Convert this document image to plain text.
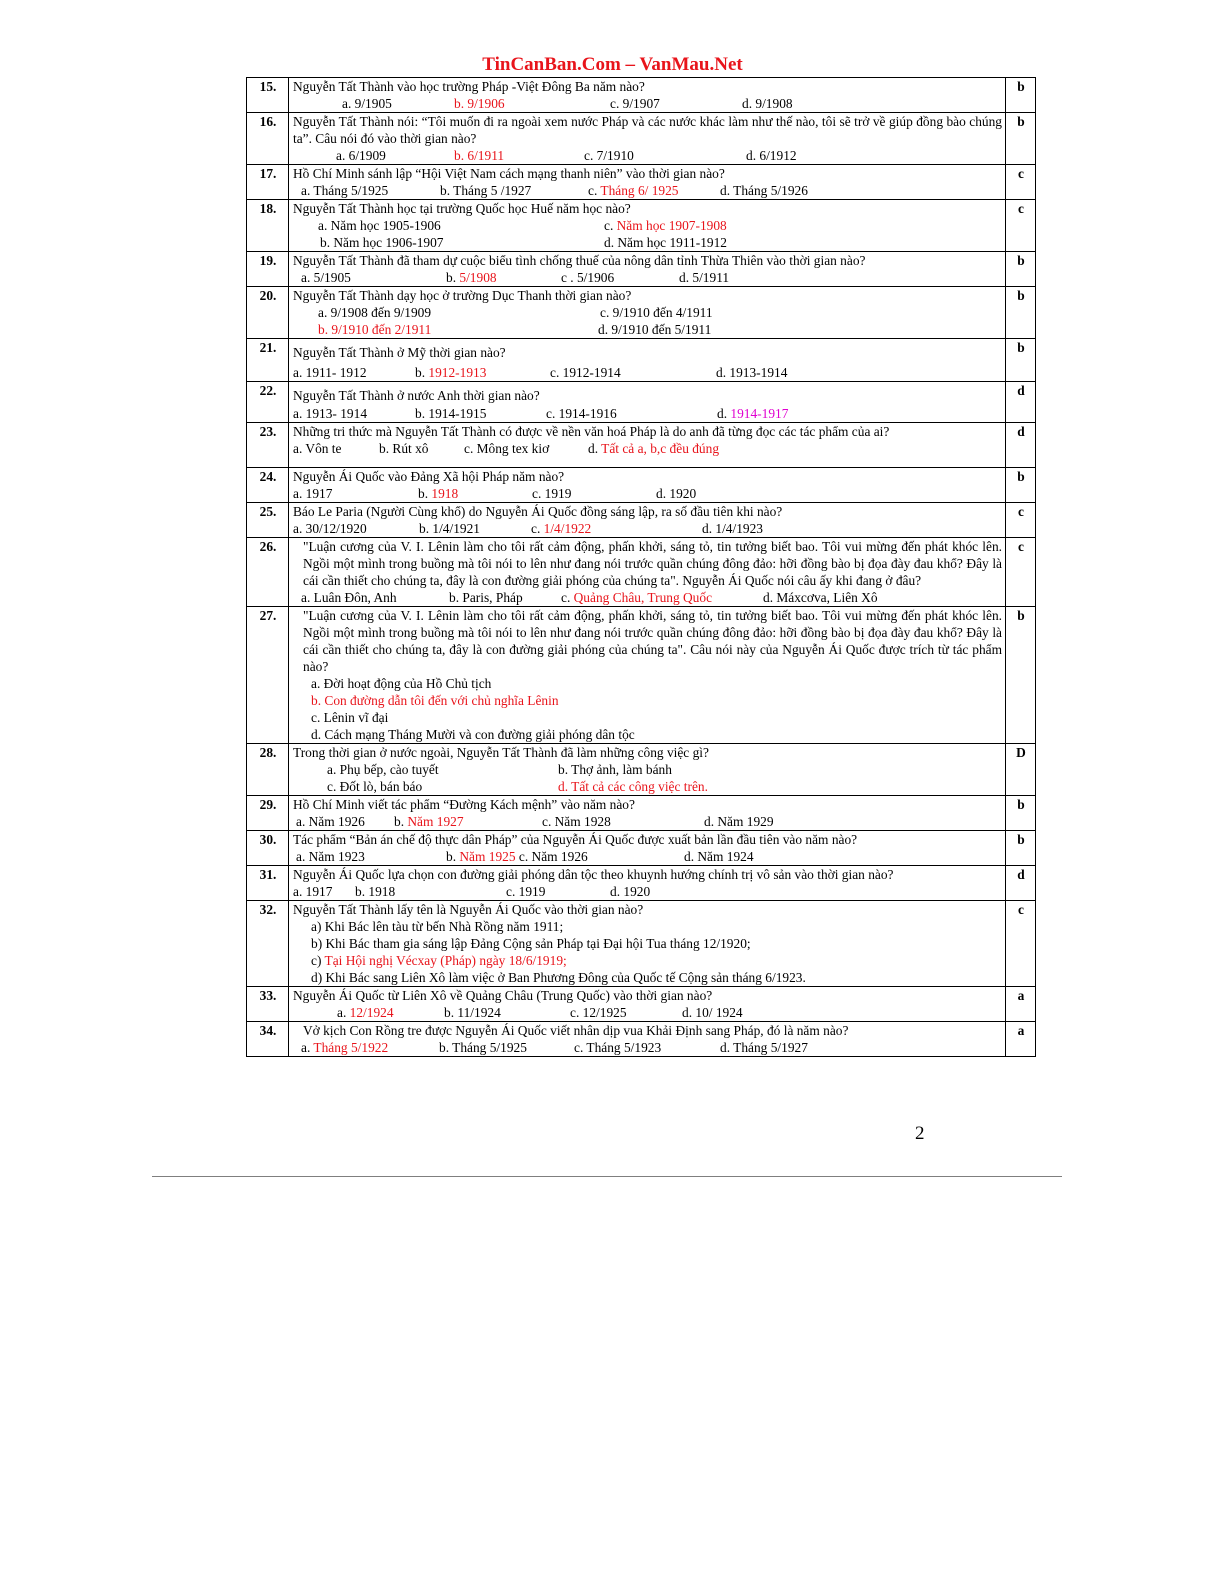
TinCanBan.Com – VanMau.Net
15.	Nguyễn Tất Thành vào học trường Pháp -Việt Đông Ba năm nào?
a. 9/1905 b. 9/1906 c. 9/1907 d. 9/1908	b
16.	Nguyễn Tất Thành nói: “Tôi muốn đi ra ngoài xem nước Pháp và các nước khác làm như thế nào, tôi sẽ trở về giúp đồng bào chúng ta”. Câu nói đó vào thời gian nào?
a. 6/1909 b. 6/1911 c. 7/1910 d. 6/1912	b
17.	Hồ Chí Minh sánh lập “Hội Việt Nam cách mạng thanh niên” vào thời gian nào?
a. Tháng 5/1925 b. Tháng 5 /1927 c. Tháng 6/ 1925 d. Tháng 5/1926	c
18.	Nguyễn Tất Thành học tại trường Quốc học Huế năm học nào?
a. Năm học 1905-1906 c. Năm học 1907-1908
b. Năm học 1906-1907 d. Năm học 1911-1912	c
19.	Nguyễn Tất Thành đã tham dự cuộc biểu tình chống thuế của nông dân tỉnh Thừa Thiên vào thời gian nào?
a. 5/1905 b. 5/1908 c . 5/1906 d. 5/1911	b
20.	Nguyễn Tất Thành dạy học ở trường Dục Thanh thời gian nào?
a. 9/1908 đến 9/1909 c. 9/1910 đến 4/1911
b. 9/1910 đến 2/1911 d. 9/1910 đến 5/1911	b
21.	Nguyễn Tất Thành ở Mỹ thời gian nào?
a. 1911- 1912 b. 1912-1913 c. 1912-1914 d. 1913-1914	b
22.	Nguyễn Tất Thành ở nước Anh thời gian nào?
a. 1913- 1914 b. 1914-1915 c. 1914-1916 d. 1914-1917	d
23.	Những tri thức mà Nguyễn Tất Thành có được về nền văn hoá Pháp là do anh đã từng đọc các tác phẩm của ai?
a. Vôn te b. Rút xô c. Mông tex kiơ d. Tất cả a, b,c đều đúng	d
24.	Nguyễn Ái Quốc vào Đảng Xã hội Pháp năm nào?
a. 1917 b. 1918 c. 1919 d. 1920	b
25.	Báo Le Paria (Người Cùng khổ) do Nguyễn Ái Quốc đồng sáng lập, ra số đầu tiên khi nào?
a. 30/12/1920 b. 1/4/1921 c. 1/4/1922 d. 1/4/1923	c
26.	"Luận cương của V. I. Lênin làm cho tôi rất cảm động, phấn khởi, sáng tỏ, tin tưởng biết bao. Tôi vui mừng đến phát khóc lên. Ngồi một mình trong buồng mà tôi nói to lên như đang nói trước quần chúng đông đảo: hỡi đồng bào bị đọa đày đau khổ? Đây là cái cần thiết cho chúng ta, đây là con đường giải phóng của chúng ta". Nguyễn Ái Quốc nói câu ấy khi đang ở đâu?
a. Luân Đôn, Anh b. Paris, Pháp c. Quảng Châu, Trung Quốc d. Máxcơva, Liên Xô	c
27.	"Luận cương của V. I. Lênin làm cho tôi rất cảm động, phấn khởi, sáng tỏ, tin tưởng biết bao. Tôi vui mừng đến phát khóc lên. Ngồi một mình trong buồng mà tôi nói to lên như đang nói trước quần chúng đông đảo: hỡi đồng bào bị đọa đày đau khổ? Đây là cái cần thiết cho chúng ta, đây là con đường giải phóng của chúng ta". Câu nói này của Nguyễn Ái Quốc được trích từ tác phẩm nào?
a. Đời hoạt động của Hồ Chủ tịch
b. Con đường dẫn tôi đến với chủ nghĩa Lênin
c. Lênin vĩ đại
d. Cách mạng Tháng Mười và con đường giải phóng dân tộc	b
28.	Trong thời gian ở nước ngoài, Nguyễn Tất Thành đã làm những công việc gì?
a. Phụ bếp, cào tuyết b. Thợ ảnh, làm bánh
c. Đốt lò, bán báo d. Tất cả các công việc trên.	D
29.	Hồ Chí Minh viết tác phẩm “Đường Kách mệnh” vào năm nào?
a. Năm 1926 b. Năm 1927 c. Năm 1928 d. Năm 1929	b
30.	Tác phẩm “Bản án chế độ thực dân Pháp” của Nguyễn Ái Quốc được xuất bản lần đầu tiên vào năm nào?
a. Năm 1923 b. Năm 1925 c. Năm 1926 d. Năm 1924	b
31.	Nguyễn Ái Quốc lựa chọn con đường giải phóng dân tộc theo khuynh hướng chính trị vô sản vào thời gian nào?
a. 1917 b. 1918 c. 1919 d. 1920	d
32.	Nguyễn Tất Thành lấy tên là Nguyễn Ái Quốc vào thời gian nào?
a) Khi Bác lên tàu từ bến Nhà Rồng năm 1911;
b) Khi Bác tham gia sáng lập Đảng Cộng sản Pháp tại Đại hội Tua tháng 12/1920;
c) Tại Hội nghị Vécxay (Pháp) ngày 18/6/1919;
d) Khi Bác sang Liên Xô làm việc ở Ban Phương Đông của Quốc tế Cộng sản tháng 6/1923.	c
33.	Nguyễn Ái Quốc từ Liên Xô về Quảng Châu (Trung Quốc) vào thời gian nào?
a. 12/1924 b. 11/1924 c. 12/1925 d. 10/ 1924	a
34.	Vở kịch Con Rồng tre được Nguyễn Ái Quốc viết nhân dịp vua Khải Định sang Pháp, đó là năm nào?
a. Tháng 5/1922 b. Tháng 5/1925 c. Tháng 5/1923 d. Tháng 5/1927	a
2
